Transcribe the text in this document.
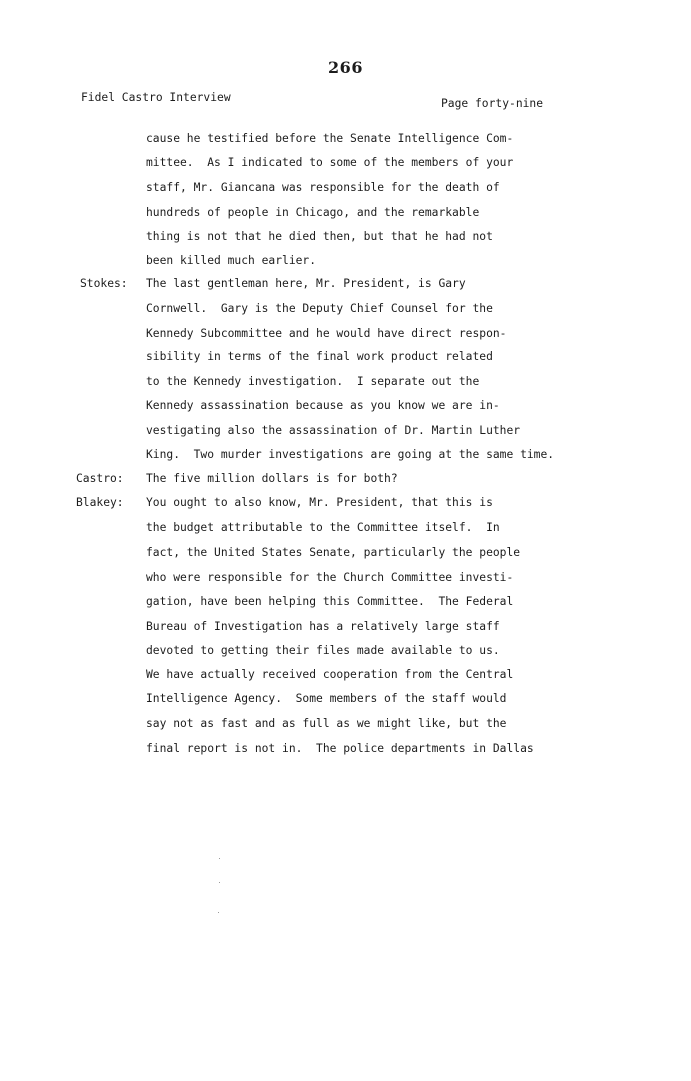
266
Fidel Castro Interview	Page forty-nine
Stokes:
Castro:
Blakey:
cause he testified before the Senate Intelligence Com-
mittee.  As I indicated to some of the members of your
staff, Mr. Giancana was responsible for the death of
hundreds of people in Chicago, and the remarkable
thing is not that he died then, but that he had not
been killed much earlier.
The last gentleman here, Mr. President, is Gary
Cornwell.  Gary is the Deputy Chief Counsel for the
Kennedy Subcommittee and he would have direct respon-
sibility in terms of the final work product related
to the Kennedy investigation.  I separate out the
Kennedy assassination because as you know we are in-
vestigating also the assassination of Dr. Martin Luther
King.  Two murder investigations are going at the same time.
The five million dollars is for both?
You ought to also know, Mr. President, that this is
the budget attributable to the Committee itself.  In
fact, the United States Senate, particularly the people
who were responsible for the Church Committee investi-
gation, have been helping this Committee.  The Federal
Bureau of Investigation has a relatively large staff
devoted to getting their files made available to us.
We have actually received cooperation from the Central
Intelligence Agency.  Some members of the staff would
say not as fast and as full as we might like, but the
final report is not in.  The police departments in Dallas
